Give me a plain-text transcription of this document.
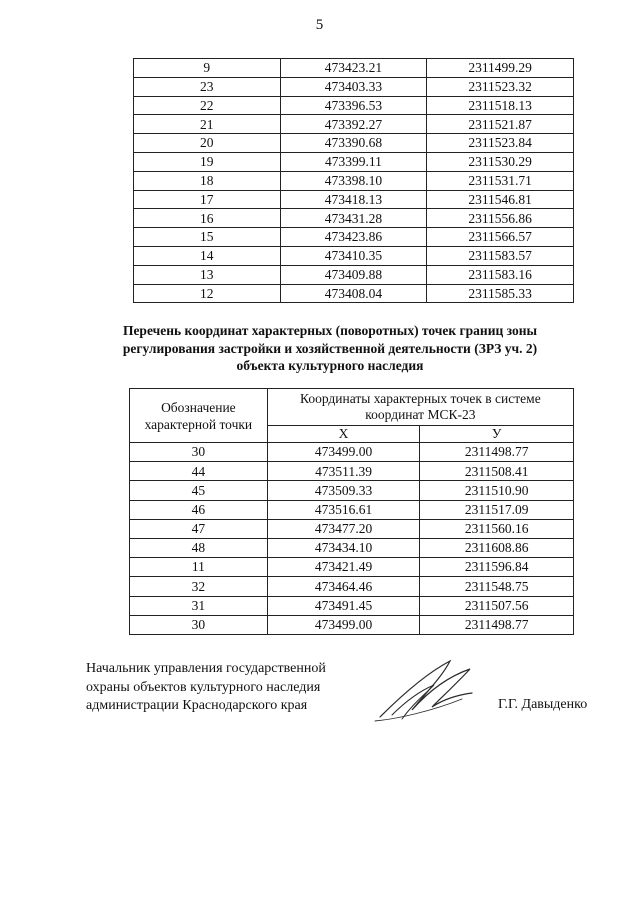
5
9	473423.21	2311499.29
23	473403.33	2311523.32
22	473396.53	2311518.13
21	473392.27	2311521.87
20	473390.68	2311523.84
19	473399.11	2311530.29
18	473398.10	2311531.71
17	473418.13	2311546.81
16	473431.28	2311556.86
15	473423.86	2311566.57
14	473410.35	2311583.57
13	473409.88	2311583.16
12	473408.04	2311585.33
Перечень координат характерных (поворотных) точек границ зоны
регулирования застройки и хозяйственной деятельности (ЗРЗ уч. 2)
объекта культурного наследия
Обозначение характерной точки	Координаты характерных точек в системе координат МСК-23	
	X	У
30	473499.00	2311498.77
44	473511.39	2311508.41
45	473509.33	2311510.90
46	473516.61	2311517.09
47	473477.20	2311560.16
48	473434.10	2311608.86
11	473421.49	2311596.84
32	473464.46	2311548.75
31	473491.45	2311507.56
30	473499.00	2311498.77
Начальник управления государственной
охраны объектов культурного наследия
администрации Краснодарского края	Г.Г. Давыденко
